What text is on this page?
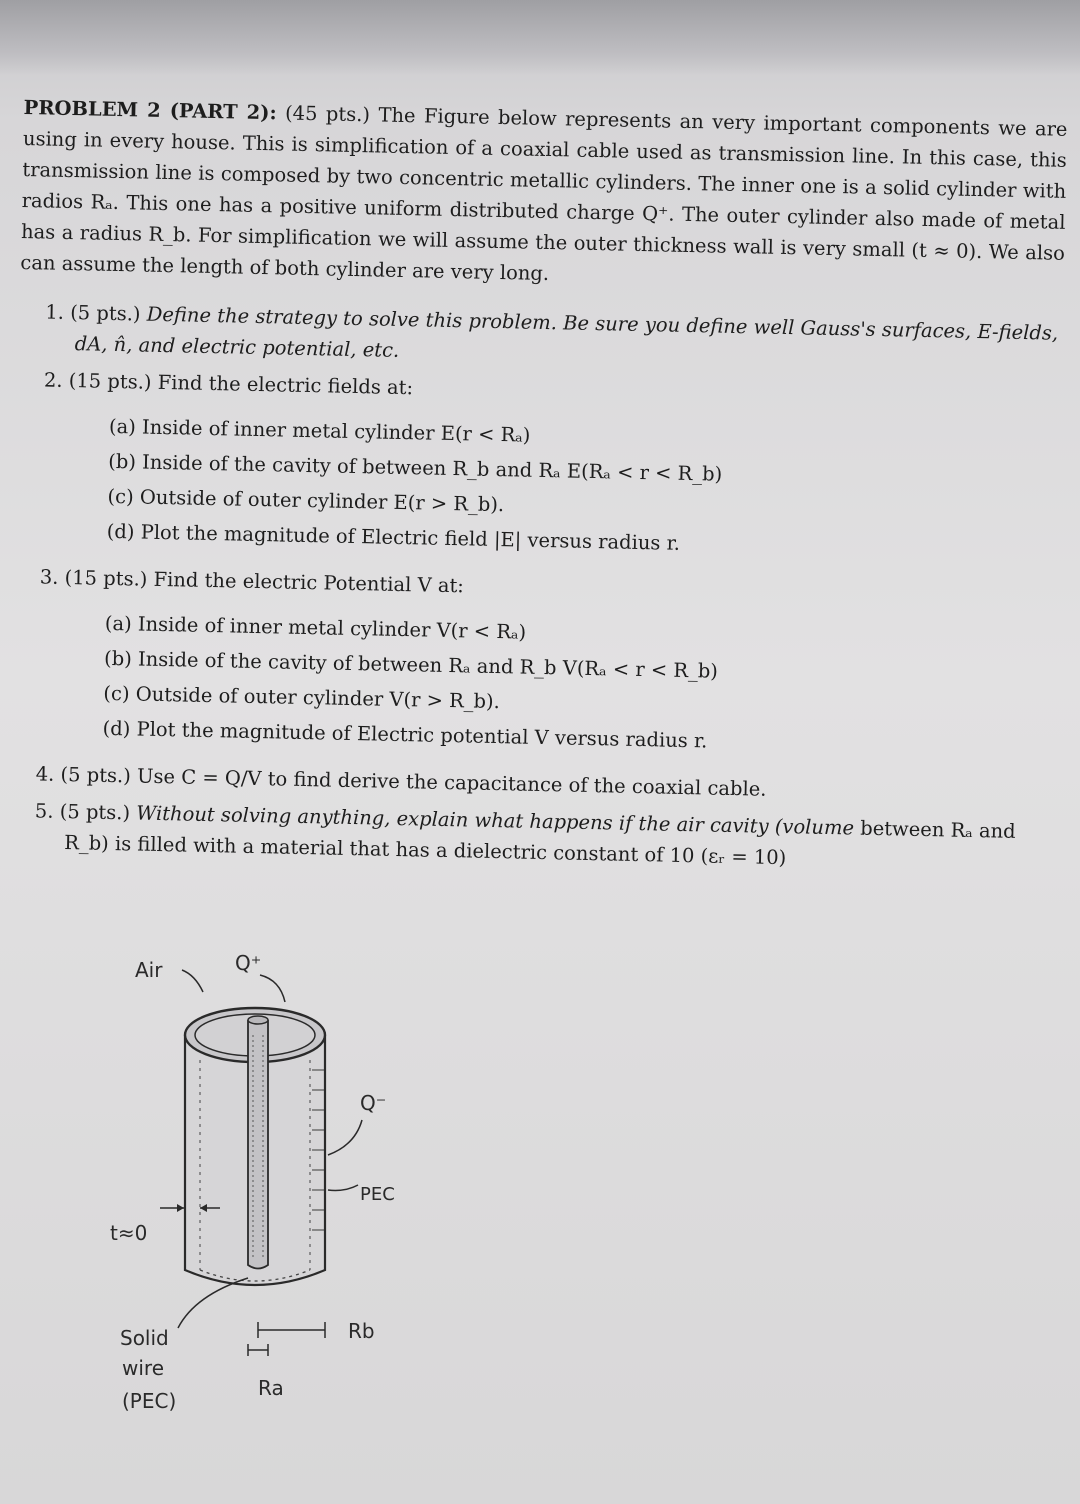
PROBLEM 2 (PART 2): (45 pts.) The Figure below represents an very important components we are using in every house. This is simplification of a coaxial cable used as transmission line. In this case, this transmission line is composed by two concentric metallic cylinders. The inner one is a solid cylinder with radios Rₐ. This one has a positive uniform distributed charge Q⁺. The outer cylinder also made of metal has a radius R_b. For simplification we will assume the outer thickness wall is very small (t ≈ 0). We also can assume the length of both cylinder are very long.

1. (5 pts.) Define the strategy to solve this problem. Be sure you define well Gauss's surfaces, E-fields, dA, n̂, and electric potential, etc.
2. (15 pts.) Find the electric fields at:
(a) Inside of inner metal cylinder E(r < Rₐ)
(b) Inside of the cavity of between R_b and Rₐ E(Rₐ < r < R_b)
(c) Outside of outer cylinder E(r > R_b).
(d) Plot the magnitude of Electric field |E| versus radius r.
3. (15 pts.) Find the electric Potential V at:
(a) Inside of inner metal cylinder V(r < Rₐ)
(b) Inside of the cavity of between Rₐ and R_b V(Rₐ < r < R_b)
(c) Outside of outer cylinder V(r > R_b).
(d) Plot the magnitude of Electric potential V versus radius r.
4. (5 pts.) Use C = Q/V to find derive the capacitance of the coaxial cable.
5. (5 pts.) Without solving anything, explain what happens if the air cavity (volume between Rₐ and R_b) is filled with a material that has a dielectric constant of 10 (εᵣ = 10)
Air	Q⁺
Q⁻
PEC
t≈0
Solid
wire
(PEC)
Rb
Ra
